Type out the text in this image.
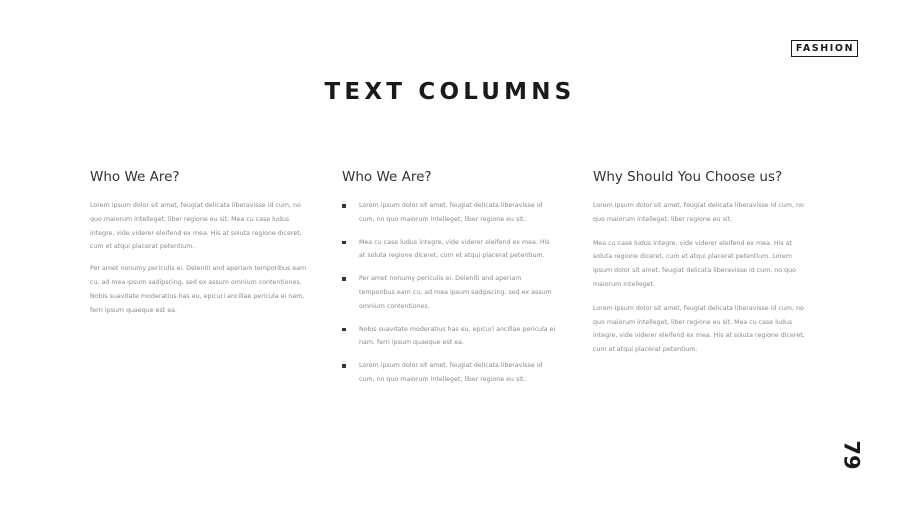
FASHION
TEXT COLUMNS
Who We Are?

Lorem ipsum dolor sit amet, feugiat delicata liberavisse id cum, no quo maiorum intelleget, liber regione eu sit. Mea cu case ludus integre, vide viderer eleifend ex mea. His at soluta regione diceret, cum et atqui placerat petentium.

Per amet nonumy periculis ei. Deleniti and aperiam temporibus eam cu, ad mea ipsum sadipscing, sed ex assum omnium contentiones. Nobis suavitate moderatius has eu, epicuri ancillae pericula ei nam, ferri ipsum quaeque est ea.

Who We Are?
Lorem ipsum dolor sit amet, feugiat delicata liberavisse id cum, no quo maiorum intelleget, liber regione eu sit.
Mea cu case ludus integre, vide viderer eleifend ex mea. His at soluta regione diceret, cum et atqui placerat petentium.
Per amet nonumy periculis ei. Deleniti and aperiam temporibus eam cu, ad mea ipsum sadipscing, sed ex assum omnium contentiones.
Nobis suavitate moderatius has eu, epicuri ancillae pericula ei nam, ferri ipsum quaeque est ea.
Lorem ipsum dolor sit amet, feugiat delicata liberavisse id cum, no quo maiorum intelleget, liber regione eu sit.
Why Should You Choose us?

Lorem ipsum dolor sit amet, feugiat delicata liberavisse id cum, no quo maiorum intelleget, liber regione eu sit.

Mea cu case ludus integre, vide viderer eleifend ex mea. His at soluta regione diceret, cum et atqui placerat petentium. Lorem ipsum dolor sit amet, feugiat delicata liberavisse id cum, no quo maiorum intelleget.

Lorem ipsum dolor sit amet, feugiat delicata liberavisse id cum, no quo maiorum intelleget, liber regione eu sit. Mea cu case ludus integre, vide viderer eleifend ex mea. His at soluta regione diceret, cum et atqui placerat petentium.

79
